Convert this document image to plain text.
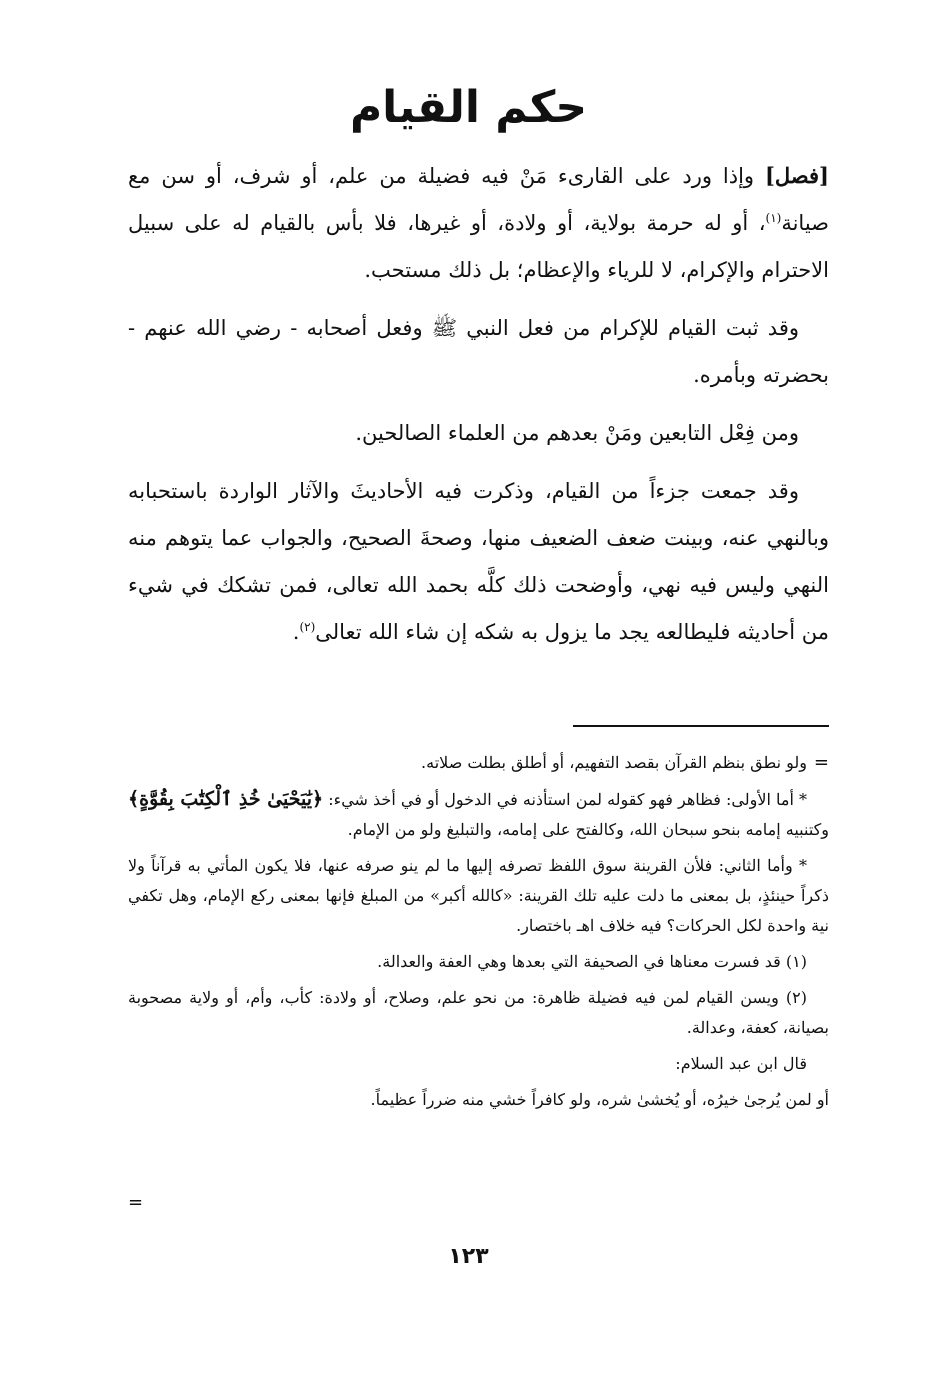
حكم القيام

[فصل] وإذا ورد على القارىء مَنْ فيه فضيلة من علم، أو شرف، أو سن مع صيانة$^{(١)}$، أو له حرمة بولاية، أو ولادة، أو غيرها، فلا بأس بالقيام له على سبيل الاحترام والإكرام، لا للرياء والإعظام؛ بل ذلك مستحب.

وقد ثبت القيام للإكرام من فعل النبي ﷺ وفعل أصحابه - رضي الله عنهم - بحضرته وبأمره.

ومن فِعْل التابعين ومَنْ بعدهم من العلماء الصالحين.

وقد جمعت جزءاً من القيام، وذكرت فيه الأحاديثَ والآثار الواردة باستحبابه وبالنهي عنه، وبينت ضعف الضعيف منها، وصحةَ الصحيح، والجواب عما يتوهم منه النهي وليس فيه نهي، وأوضحت ذلك كلَّه بحمد الله تعالى، فمن تشكك في شيء من أحاديثه فليطالعه يجد ما يزول به شكه إن شاء الله تعالى$^{(٢)}$.

=

ولو نطق بنظم القرآن بقصد التفهيم، أو أطلق بطلت صلاته.

* أما الأولى: فظاهر فهو كقوله لمن استأذنه في الدخول أو في أخذ شيء: ﴿يَٰيَحْيَىٰ خُذِ ٱلْكِتَٰبَ بِقُوَّةٍ﴾ وكتنبيه إمامه بنحو سبحان الله، وكالفتح على إمامه، والتبليغ ولو من الإمام.

* وأما الثاني: فلأن القرينة سوق اللفظ تصرفه إليها ما لم ينو صرفه عنها، فلا يكون المأتي به قرآناً ولا ذكراً حينئذٍ، بل بمعنى ما دلت عليه تلك القرينة: «كالله أكبر» من المبلغ فإنها بمعنى ركع الإمام، وهل تكفي نية واحدة لكل الحركات؟ فيه خلاف اهـ باختصار.

(١) قد فسرت معناها في الصحيفة التي بعدها وهي العفة والعدالة.

(٢) ويسن القيام لمن فيه فضيلة ظاهرة: من نحو علم، وصلاح، أو ولادة: كأب، وأم، أو ولاية مصحوبة بصيانة، كعفة، وعدالة.

قال ابن عبد السلام:

أو لمن يُرجىٰ خيرُه، أو يُخشىٰ شره، ولو كافراً خشي منه ضرراً عظيماً.

=
١٢٣
